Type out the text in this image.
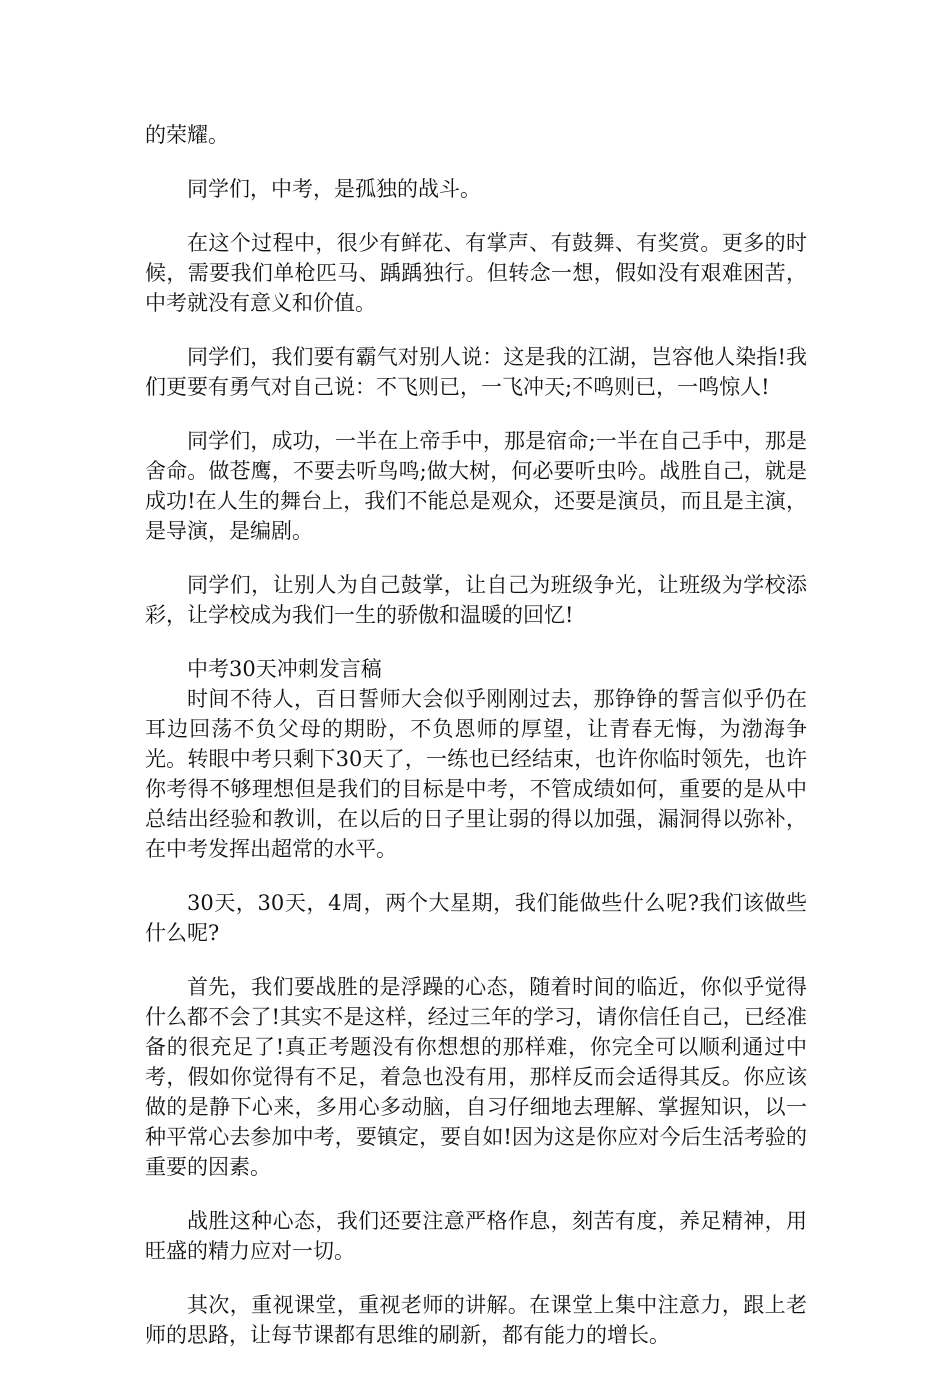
的荣耀。

同学们，中考，是孤独的战斗。

在这个过程中，很少有鲜花、有掌声、有鼓舞、有奖赏。更多的时候，需要我们单枪匹马、踽踽独行。但转念一想，假如没有艰难困苦，中考就没有意义和价值。

同学们，我们要有霸气对别人说：这是我的江湖，岂容他人染指!我们更要有勇气对自己说：不飞则已，一飞冲天;不鸣则已，一鸣惊人!

同学们，成功，一半在上帝手中，那是宿命;一半在自己手中，那是舍命。做苍鹰，不要去听鸟鸣;做大树，何必要听虫吟。战胜自己，就是成功!在人生的舞台上，我们不能总是观众，还要是演员，而且是主演，是导演，是编剧。

同学们，让别人为自己鼓掌，让自己为班级争光，让班级为学校添彩，让学校成为我们一生的骄傲和温暖的回忆!

中考30天冲刺发言稿

时间不待人，百日誓师大会似乎刚刚过去，那铮铮的誓言似乎仍在耳边回荡不负父母的期盼，不负恩师的厚望，让青春无悔，为渤海争光。转眼中考只剩下30天了，一练也已经结束，也许你临时领先，也许你考得不够理想但是我们的目标是中考，不管成绩如何，重要的是从中总结出经验和教训，在以后的日子里让弱的得以加强，漏洞得以弥补，在中考发挥出超常的水平。

30天，30天，4周，两个大星期，我们能做些什么呢?我们该做些什么呢?

首先，我们要战胜的是浮躁的心态，随着时间的临近，你似乎觉得什么都不会了!其实不是这样，经过三年的学习，请你信任自己，已经准备的很充足了!真正考题没有你想想的那样难，你完全可以顺利通过中考，假如你觉得有不足，着急也没有用，那样反而会适得其反。你应该做的是静下心来，多用心多动脑，自习仔细地去理解、掌握知识，以一种平常心去参加中考，要镇定，要自如!因为这是你应对今后生活考验的重要的因素。

战胜这种心态，我们还要注意严格作息，刻苦有度，养足精神，用旺盛的精力应对一切。

其次，重视课堂，重视老师的讲解。在课堂上集中注意力，跟上老师的思路，让每节课都有思维的刷新，都有能力的增长。
